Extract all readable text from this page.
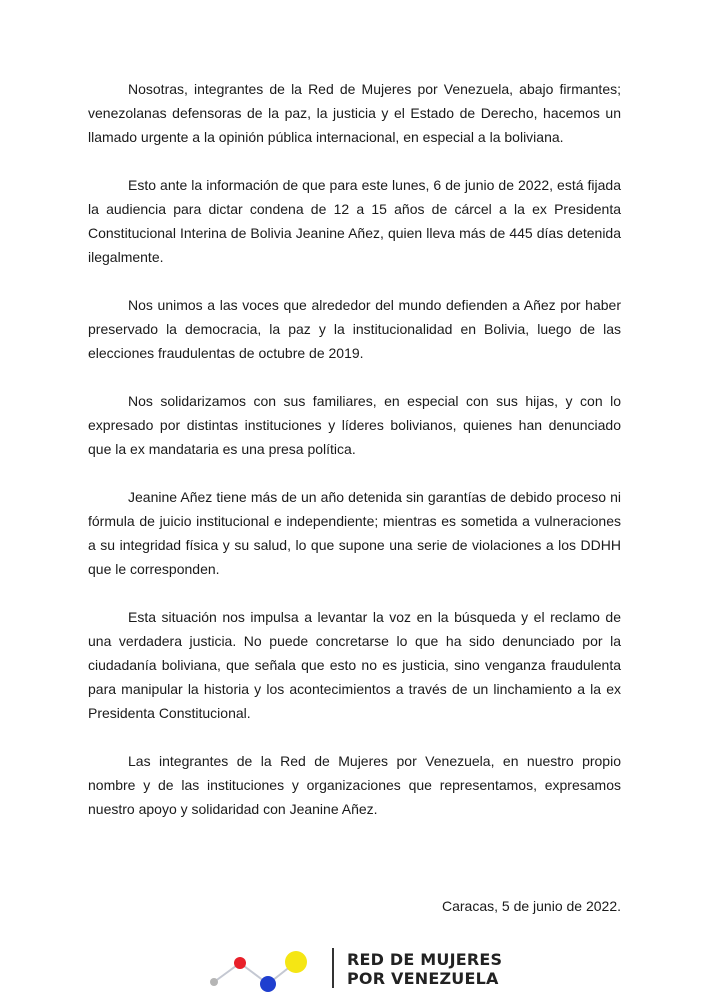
Nosotras, integrantes de la Red de Mujeres por Venezuela, abajo firmantes; venezolanas defensoras de la paz, la justicia y el Estado de Derecho, hacemos un llamado urgente a la opinión pública internacional, en especial a la boliviana.

Esto ante la información de que para este lunes, 6 de junio de 2022, está fijada la audiencia para dictar condena de 12 a 15 años de cárcel a la ex Presidenta Constitucional Interina de Bolivia Jeanine Añez, quien lleva más de 445 días detenida ilegalmente.

Nos unimos a las voces que alrededor del mundo defienden a Añez por haber preservado la democracia, la paz y la institucionalidad en Bolivia, luego de las elecciones fraudulentas de octubre de 2019.

Nos solidarizamos con sus familiares, en especial con sus hijas, y con lo expresado por distintas instituciones y líderes bolivianos, quienes han denunciado que la ex mandataria es una presa política.

Jeanine Añez tiene más de un año detenida sin garantías de debido proceso ni fórmula de juicio institucional e independiente; mientras es sometida a vulneraciones a su integridad física y su salud, lo que supone una serie de violaciones a los DDHH que le corresponden.

Esta situación nos impulsa a levantar la voz en la búsqueda y el reclamo de una verdadera justicia. No puede concretarse lo que ha sido denunciado por la ciudadanía boliviana, que señala que esto no es justicia, sino venganza fraudulenta para manipular la historia y los acontecimientos a través de un linchamiento a la ex Presidenta Constitucional.

Las integrantes de la Red de Mujeres por Venezuela, en nuestro propio nombre y de las instituciones y organizaciones que representamos, expresamos nuestro apoyo y solidaridad con Jeanine Añez.

Caracas, 5 de junio de 2022.
RED DE MUJERES
POR VENEZUELA
